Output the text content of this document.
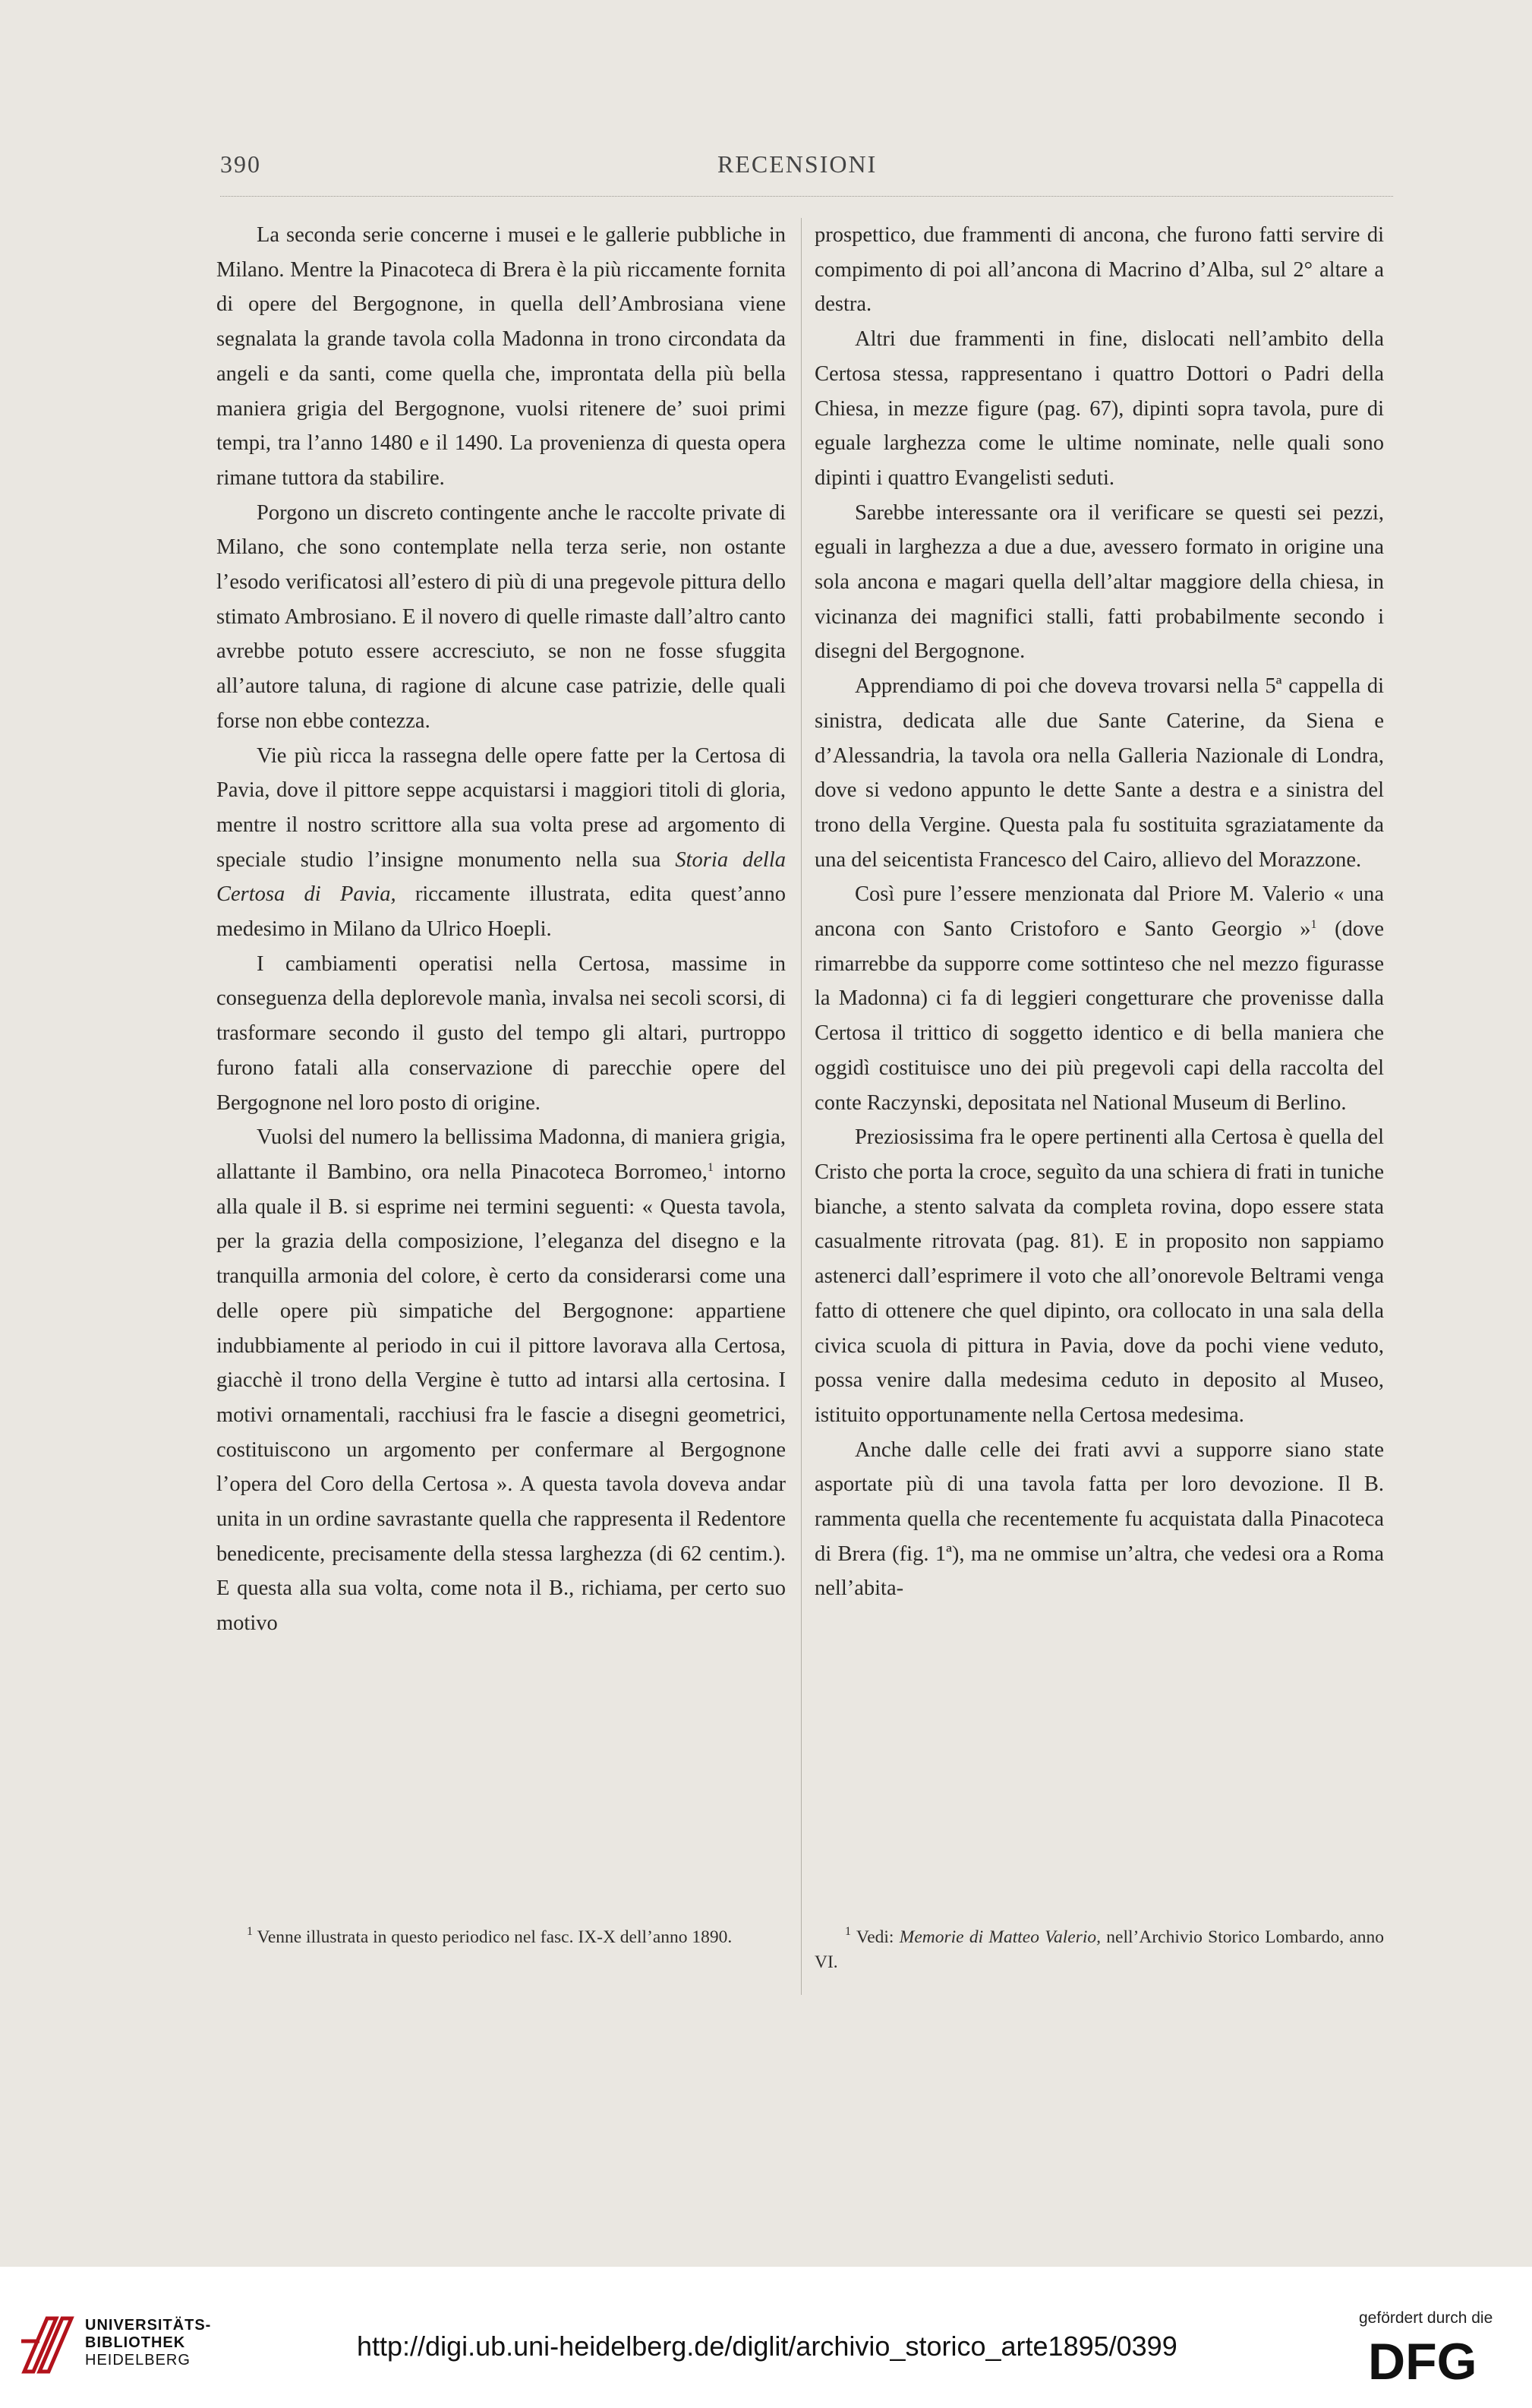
390	RECENSIONI

La seconda serie concerne i musei e le gallerie pubbliche in Milano. Mentre la Pinacoteca di Brera è la più riccamente fornita di opere del Bergognone, in quella dell’Ambrosiana viene segnalata la grande tavola colla Madonna in trono circondata da angeli e da santi, come quella che, improntata della più bella maniera grigia del Bergognone, vuolsi ritenere de’ suoi primi tempi, tra l’anno 1480 e il 1490. La provenienza di questa opera rimane tuttora da stabilire.

Porgono un discreto contingente anche le raccolte private di Milano, che sono contemplate nella terza serie, non ostante l’esodo verificatosi all’estero di più di una pregevole pittura dello stimato Ambrosiano. E il novero di quelle rimaste dall’altro canto avrebbe potuto essere accresciuto, se non ne fosse sfuggita all’autore taluna, di ragione di alcune case patrizie, delle quali forse non ebbe contezza.

Vie più ricca la rassegna delle opere fatte per la Certosa di Pavia, dove il pittore seppe acquistarsi i maggiori titoli di gloria, mentre il nostro scrittore alla sua volta prese ad argomento di speciale studio l’insigne monumento nella sua Storia della Certosa di Pavia, riccamente illustrata, edita quest’anno medesimo in Milano da Ulrico Hoepli.

I cambiamenti operatisi nella Certosa, massime in conseguenza della deplorevole manìa, invalsa nei secoli scorsi, di trasformare secondo il gusto del tempo gli altari, purtroppo furono fatali alla conservazione di parecchie opere del Bergognone nel loro posto di origine.

Vuolsi del numero la bellissima Madonna, di maniera grigia, allattante il Bambino, ora nella Pinacoteca Borromeo,$^1$ intorno alla quale il B. si esprime nei termini seguenti: « Questa tavola, per la grazia della composizione, l’eleganza del disegno e la tranquilla armonia del colore, è certo da considerarsi come una delle opere più simpatiche del Bergognone: appartiene indubbiamente al periodo in cui il pittore lavorava alla Certosa, giacchè il trono della Vergine è tutto ad intarsi alla certosina. I motivi ornamentali, racchiusi fra le fascie a disegni geometrici, costituiscono un argomento per confermare al Bergognone l’opera del Coro della Certosa ». A questa tavola doveva andar unita in un ordine savrastante quella che rappresenta il Redentore benedicente, precisamente della stessa larghezza (di 62 centim.). E questa alla sua volta, come nota il B., richiama, per certo suo motivo

prospettico, due frammenti di ancona, che furono fatti servire di compimento di poi all’ancona di Macrino d’Alba, sul 2° altare a destra.

Altri due frammenti in fine, dislocati nell’ambito della Certosa stessa, rappresentano i quattro Dottori o Padri della Chiesa, in mezze figure (pag. 67), dipinti sopra tavola, pure di eguale larghezza come le ultime nominate, nelle quali sono dipinti i quattro Evangelisti seduti.

Sarebbe interessante ora il verificare se questi sei pezzi, eguali in larghezza a due a due, avessero formato in origine una sola ancona e magari quella dell’altar maggiore della chiesa, in vicinanza dei magnifici stalli, fatti probabilmente secondo i disegni del Bergognone.

Apprendiamo di poi che doveva trovarsi nella 5ª cappella di sinistra, dedicata alle due Sante Caterine, da Siena e d’Alessandria, la tavola ora nella Galleria Nazionale di Londra, dove si vedono appunto le dette Sante a destra e a sinistra del trono della Vergine. Questa pala fu sostituita sgraziatamente da una del seicentista Francesco del Cairo, allievo del Morazzone.

Così pure l’essere menzionata dal Priore M. Valerio « una ancona con Santo Cristoforo e Santo Georgio »$^1$ (dove rimarrebbe da supporre come sottinteso che nel mezzo figurasse la Madonna) ci fa di leggieri congetturare che provenisse dalla Certosa il trittico di soggetto identico e di bella maniera che oggidì costituisce uno dei più pregevoli capi della raccolta del conte Raczynski, depositata nel National Museum di Berlino.

Preziosissima fra le opere pertinenti alla Certosa è quella del Cristo che porta la croce, seguìto da una schiera di frati in tuniche bianche, a stento salvata da completa rovina, dopo essere stata casualmente ritrovata (pag. 81). E in proposito non sappiamo astenerci dall’esprimere il voto che all’onorevole Beltrami venga fatto di ottenere che quel dipinto, ora collocato in una sala della civica scuola di pittura in Pavia, dove da pochi viene veduto, possa venire dalla medesima ceduto in deposito al Museo, istituito opportunamente nella Certosa medesima.

Anche dalle celle dei frati avvi a supporre siano state asportate più di una tavola fatta per loro devozione. Il B. rammenta quella che recentemente fu acquistata dalla Pinacoteca di Brera (fig. 1ª), ma ne ommise un’altra, che vedesi ora a Roma nell’abita-

$^1$ Venne illustrata in questo periodico nel fasc. IX-X dell’anno 1890.	$^1$ Vedi: Memorie di Matteo Valerio, nell’Archivio Storico Lombardo, anno VI.

UNIVERSITÄTS-
BIBLIOTHEK
HEIDELBERG	http://digi.ub.uni-heidelberg.de/diglit/archivio_storico_arte1895/0399
gefördert durch die
DFG
